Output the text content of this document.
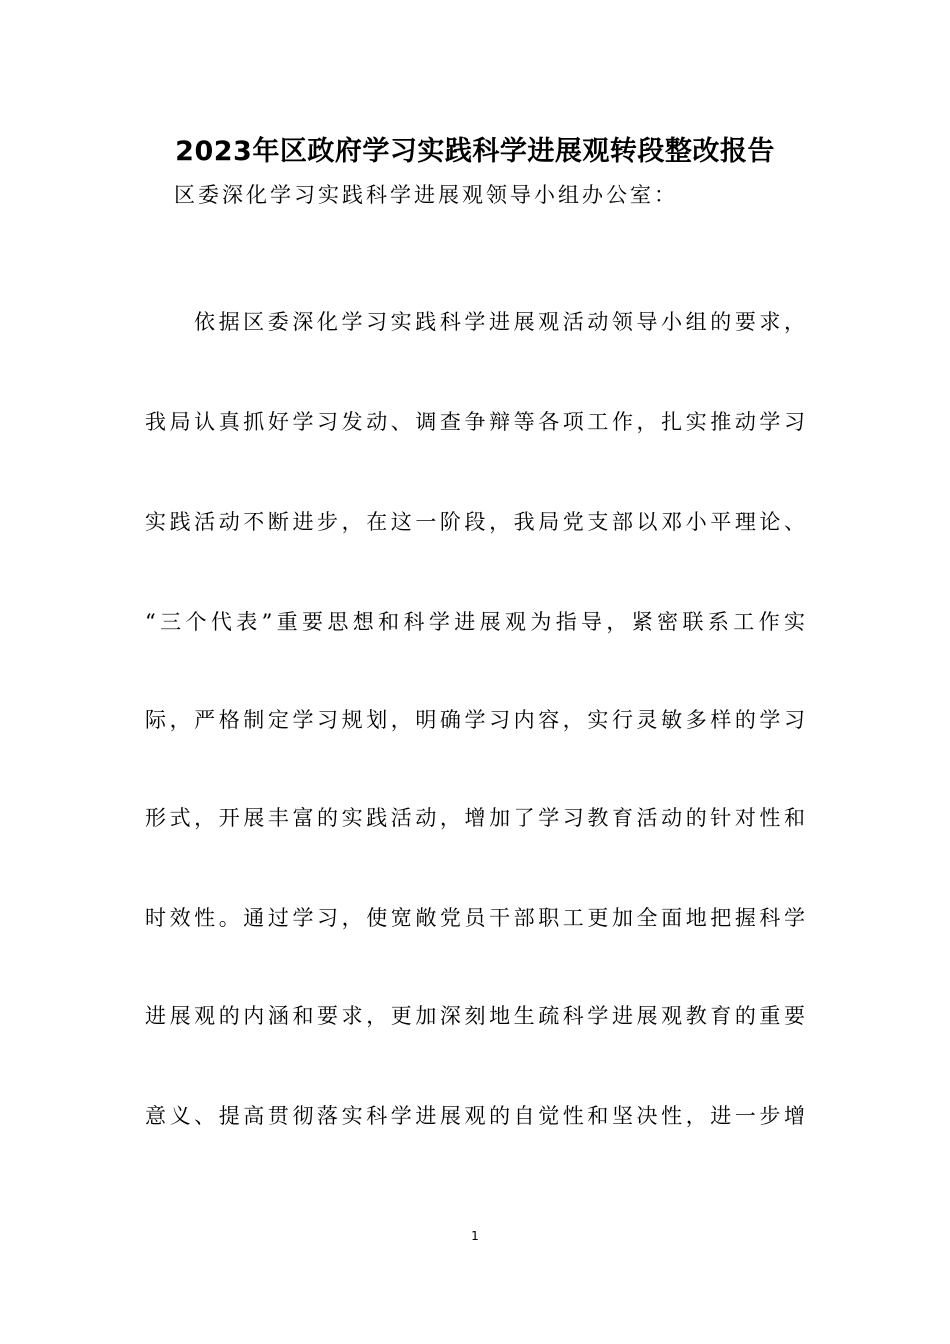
2023年区政府学习实践科学进展观转段整改报告
区委深化学习实践科学进展观领导小组办公室：
依据区委深化学习实践科学进展观活动领导小组的要求，
我局认真抓好学习发动、调查争辩等各项工作，扎实推动学习
实践活动不断进步，在这一阶段，我局党支部以邓小平理论、
“三个代表”重要思想和科学进展观为指导，紧密联系工作实
际，严格制定学习规划，明确学习内容，实行灵敏多样的学习
形式，开展丰富的实践活动，增加了学习教育活动的针对性和
时效性。通过学习，使宽敞党员干部职工更加全面地把握科学
进展观的内涵和要求，更加深刻地生疏科学进展观教育的重要
意义、提高贯彻落实科学进展观的自觉性和坚决性，进一步增
1
